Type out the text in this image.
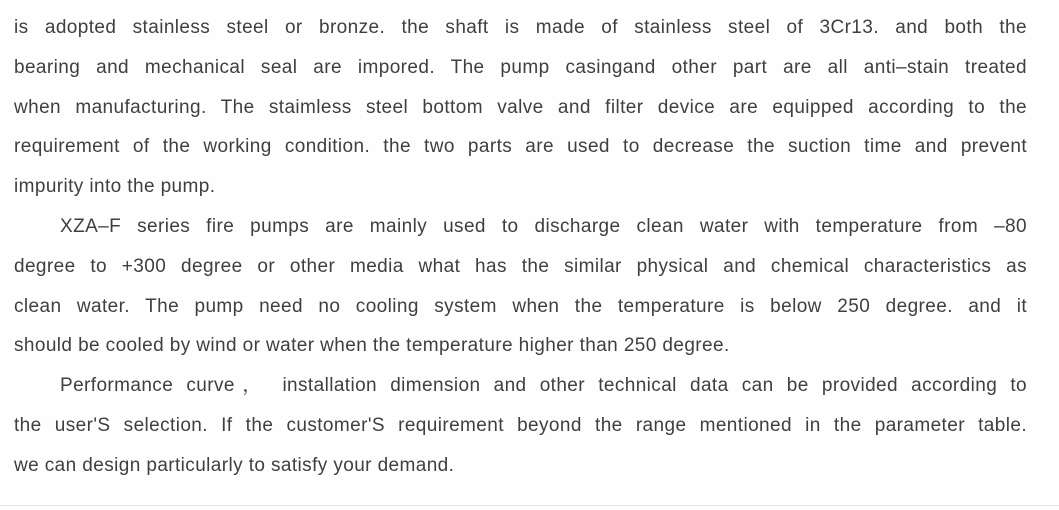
is adopted stainless steel or bronze. the shaft is made of stainless steel of 3Cr13. and both the
bearing and mechanical seal are impored. The pump casingand other part are all anti–stain treated
when manufacturing. The staimless steel bottom valve and filter device are equipped according to the
requirement of the working condition. the two parts are used to decrease the suction time and prevent
impurity into the pump.
XZA–F series fire pumps are mainly used to discharge clean water with temperature from –80
degree to +300 degree or other media what has the similar physical and chemical characteristics as
clean water. The pump need no cooling system when the temperature is below 250 degree. and it
should be cooled by wind or water when the temperature higher than 250 degree.
Performance curve， installation dimension and other technical data can be provided according to
the user'S selection. If the customer'S requirement beyond the range mentioned in the parameter table.
we can design particularly to satisfy your demand.
